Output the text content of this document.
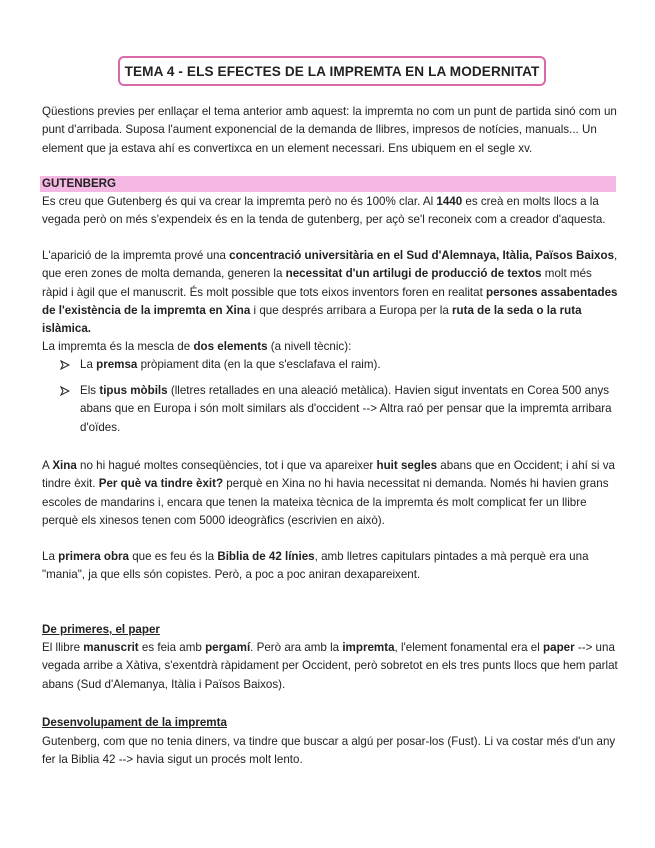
TEMA 4 - ELS EFECTES DE LA IMPREMTA EN LA MODERNITAT
Qüestions previes per enllaçar el tema anterior amb aquest: la impremtа no com un punt de partida sinó com un punt d'arribada. Suposa l'aument exponencial de la demanda de llibres, impresos de notícies, manuals... Un element que ja estava ahí es convertixca en un element necessari. Ens ubiquem en el segle xv.
GUTENBERG
Es creu que Gutenberg és qui va crear la impremtа però no és 100% clar. Al 1440 es creà en molts llocs a la vegada però on més s'expendeix és en la tenda de gutenberg, per açò se'l reconeix com a creador d'aquesta.
L'aparició de la impremta prové una concentració universitària en el Sud d'Alemnaya, Itàlia, Països Baixos, que eren zones de molta demanda, generen la necessitat d'un artilugi de producció de textos molt més ràpid i àgil que el manuscrit. És molt possible que tots eixos inventors foren en realitat persones assabentades de l'existència de la impremta en Xina i que després arribara a Europa per la ruta de la seda o la ruta islàmica.
La impremta és la mescla de dos elements (a nivell tècnic):
La premsa pròpiament dita (en la que s'esclafava el raim).
Els tipus mòbils (lletres retallades en una aleació metàlica). Havien sigut inventats en Corea 500 anys abans que en Europa i són molt similars als d'occident --> Altra raó per pensar que la impremta arribara d'oïdes.
A Xina no hi hagué moltes conseqüències, tot i que va apareixer huit segles abans que en Occident; i ahí si va tindre èxit. Per què va tindre èxit? perquè en Xina no hi havia necessitat ni demanda. Només hi havien grans escoles de mandarins i, encara que tenen la mateixa tècnica de la impremta és molt complicat fer un llibre perquè els xinesos tenen com 5000 ideogràfics (escrivien en això).
La primera obra que es feu és la Biblia de 42 línies, amb lletres capitulars pintades a mà perquè era una "mania", ja que ells són copistes. Però, a poc a poc aniran dexapareixent.
De primeres, el paper
El llibre manuscrit es feia amb pergamí. Però ara amb la impremta, l'element fonamental era el paper --> una vegada arribe a Xàtiva, s'exentdrà ràpidament per Occident, però sobretot en els tres punts llocs que hem parlat abans (Sud d'Alemanya, Itàlia i Països Baixos).
Desenvolupament de la impremta
Gutenberg, com que no tenia diners, va tindre que buscar a algú per posar-los (Fust). Li va costar més d'un any fer la Biblia 42 --> havia sigut un procés molt lento.
